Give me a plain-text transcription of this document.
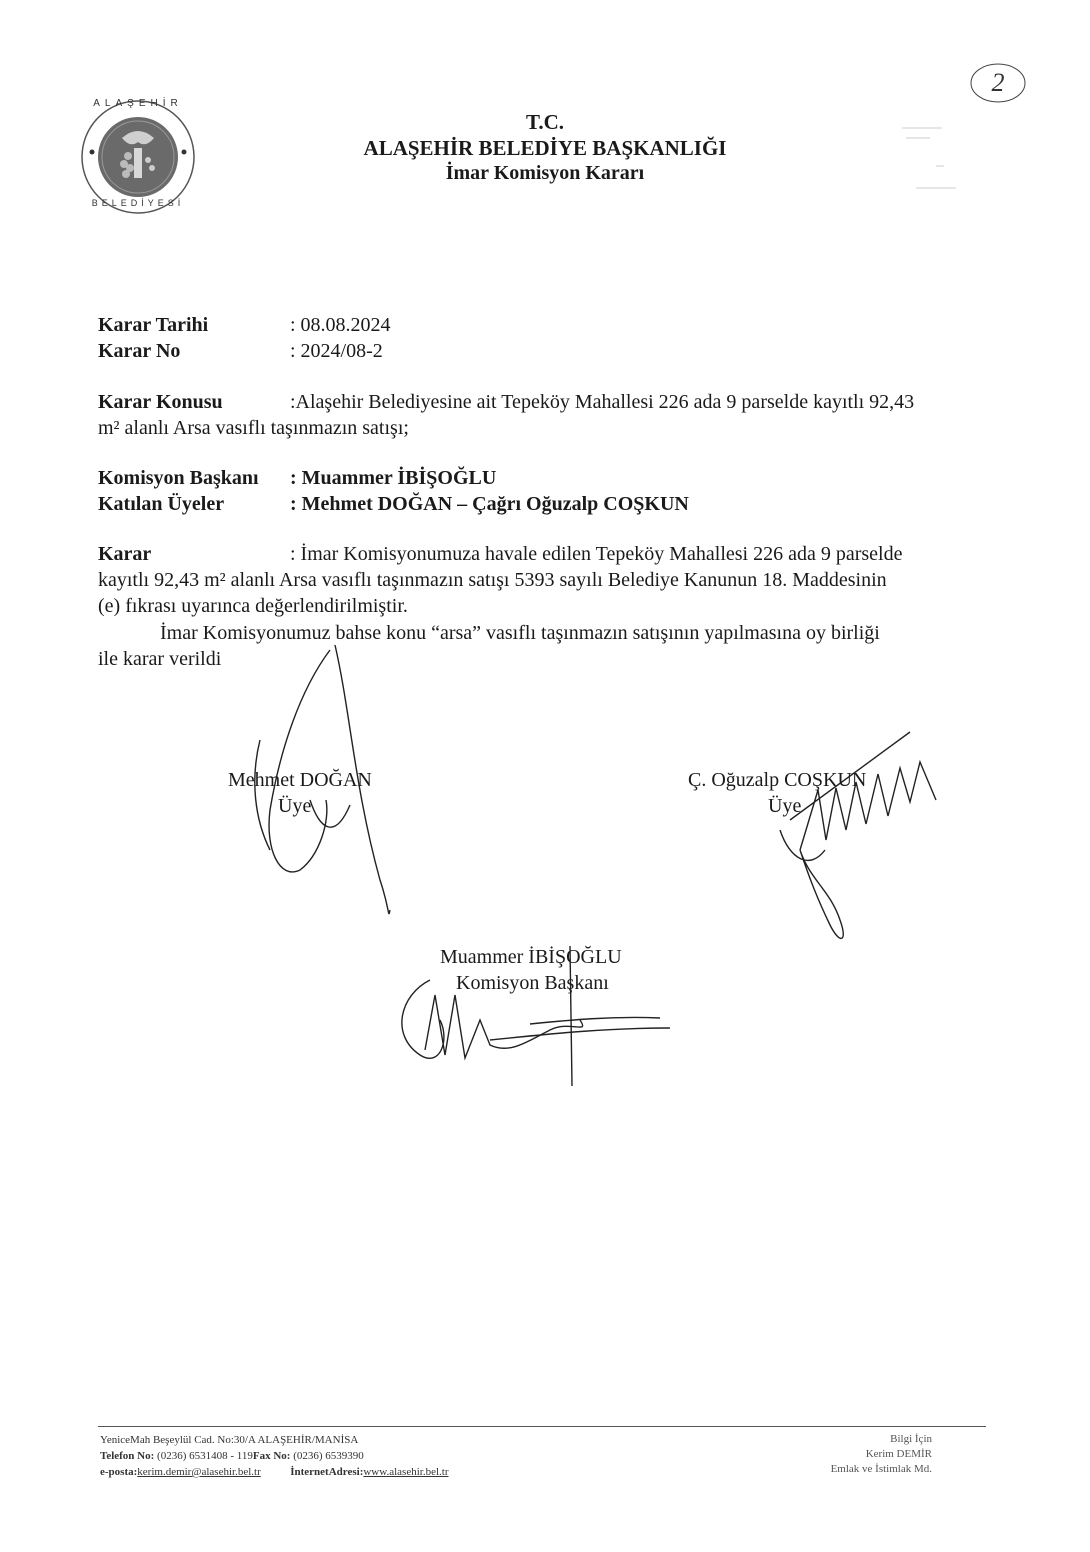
ALAŞEHİR
BELEDİYESİ
2
T.C.
ALAŞEHİR BELEDİYE BAŞKANLIĞI
İmar Komisyon Kararı
Karar Tarihi	: 08.08.2024
Karar No	: 2024/08-2
Karar Konusu	:Alaşehir Belediyesine ait Tepeköy Mahallesi 226 ada 9 parselde kayıtlı 92,43
m² alanlı Arsa vasıflı taşınmazın satışı;
Komisyon Başkanı : Muammer İBİŞOĞLU
Katılan Üyeler	: Mehmet DOĞAN – Çağrı Oğuzalp COŞKUN
Karar	: İmar Komisyonumuza havale edilen Tepeköy Mahallesi 226 ada 9 parselde
kayıtlı 92,43 m² alanlı Arsa vasıflı taşınmazın satışı 5393 sayılı Belediye Kanunun 18. Maddesinin
(e) fıkrası uyarınca değerlendirilmiştir.
İmar Komisyonumuz bahse konu “arsa” vasıflı taşınmazın satışının yapılmasına oy birliği
ile karar verildi
Mehmet DOĞAN
Üye
Ç. Oğuzalp COŞKUN
Üye
Muammer İBİŞOĞLU
Komisyon Başkanı
YeniceMah Beşeylül Cad. No:30/A ALAŞEHİR/MANİSA
Telefon No: (0236) 6531408 - 119Fax No: (0236) 6539390
e-posta:kerim.demir@alasehir.bel.tr	İnternetAdresi:www.alasehir.bel.tr
Bilgi İçin
Kerim DEMİR
Emlak ve İstimlak Md.
